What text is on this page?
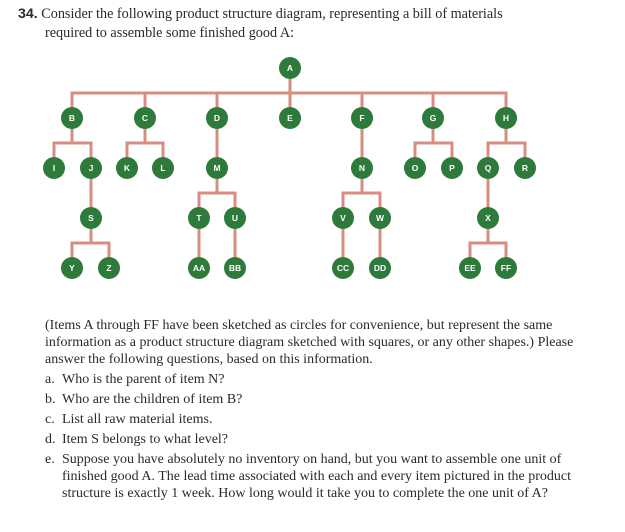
34. Consider the following product structure diagram, representing a bill of materials
required to assemble some finished good A:
A
B	C	D	E	F	G	H
I	J	K	L	M	N	O	P	Q	R
S	T	U	V	W	X
Y	Z	AA	BB	CC	DD	EE	FF
(Items A through FF have been sketched as circles for convenience, but represent the same information as a product structure diagram sketched with squares, or any other shapes.) Please answer the following questions, based on this information.
a. Who is the parent of item N?
b. Who are the children of item B?
c. List all raw material items.
d. Item S belongs to what level?
e. Suppose you have absolutely no inventory on hand, but you want to assemble one unit of finished good A. The lead time associated with each and every item pictured in the product structure is exactly 1 week. How long would it take you to complete the one unit of A?
